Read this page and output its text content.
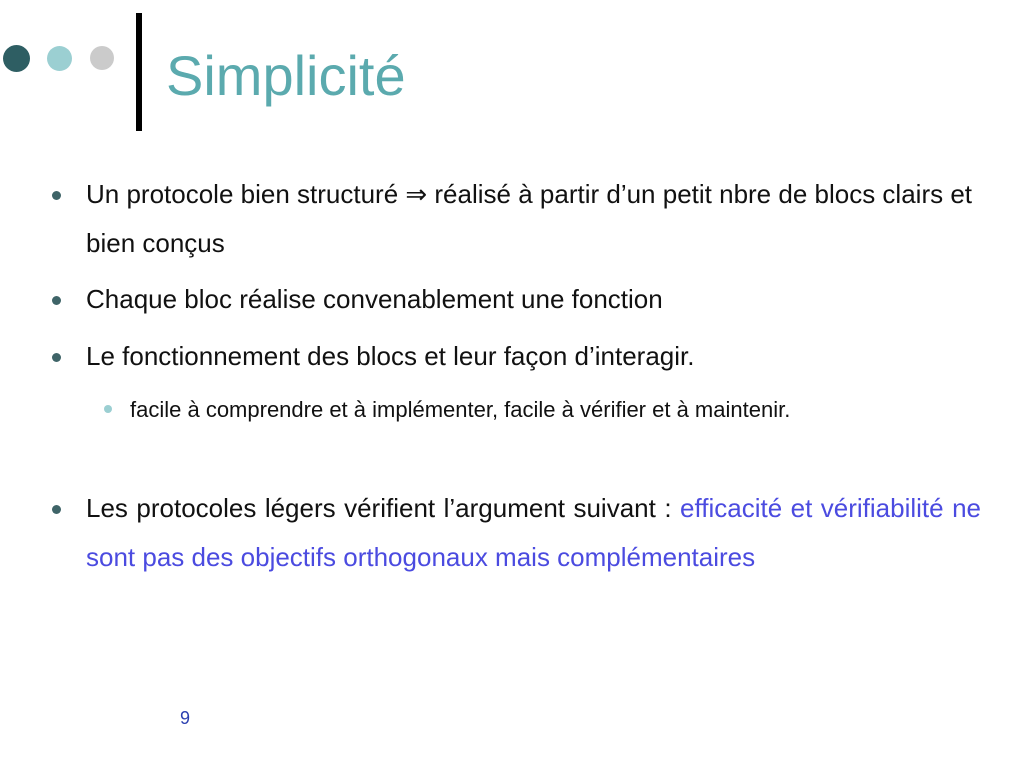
Simplicité
Un protocole bien structuré ⇒ réalisé à partir d’un petit nbre de blocs clairs et bien conçus
Chaque bloc réalise convenablement une fonction
Le fonctionnement des blocs et leur façon d’interagir.
facile à comprendre et à implémenter, facile à vérifier et à maintenir.
Les protocoles légers vérifient l’argument suivant : efficacité et vérifiabilité ne sont pas des objectifs orthogonaux mais complémentaires
9
